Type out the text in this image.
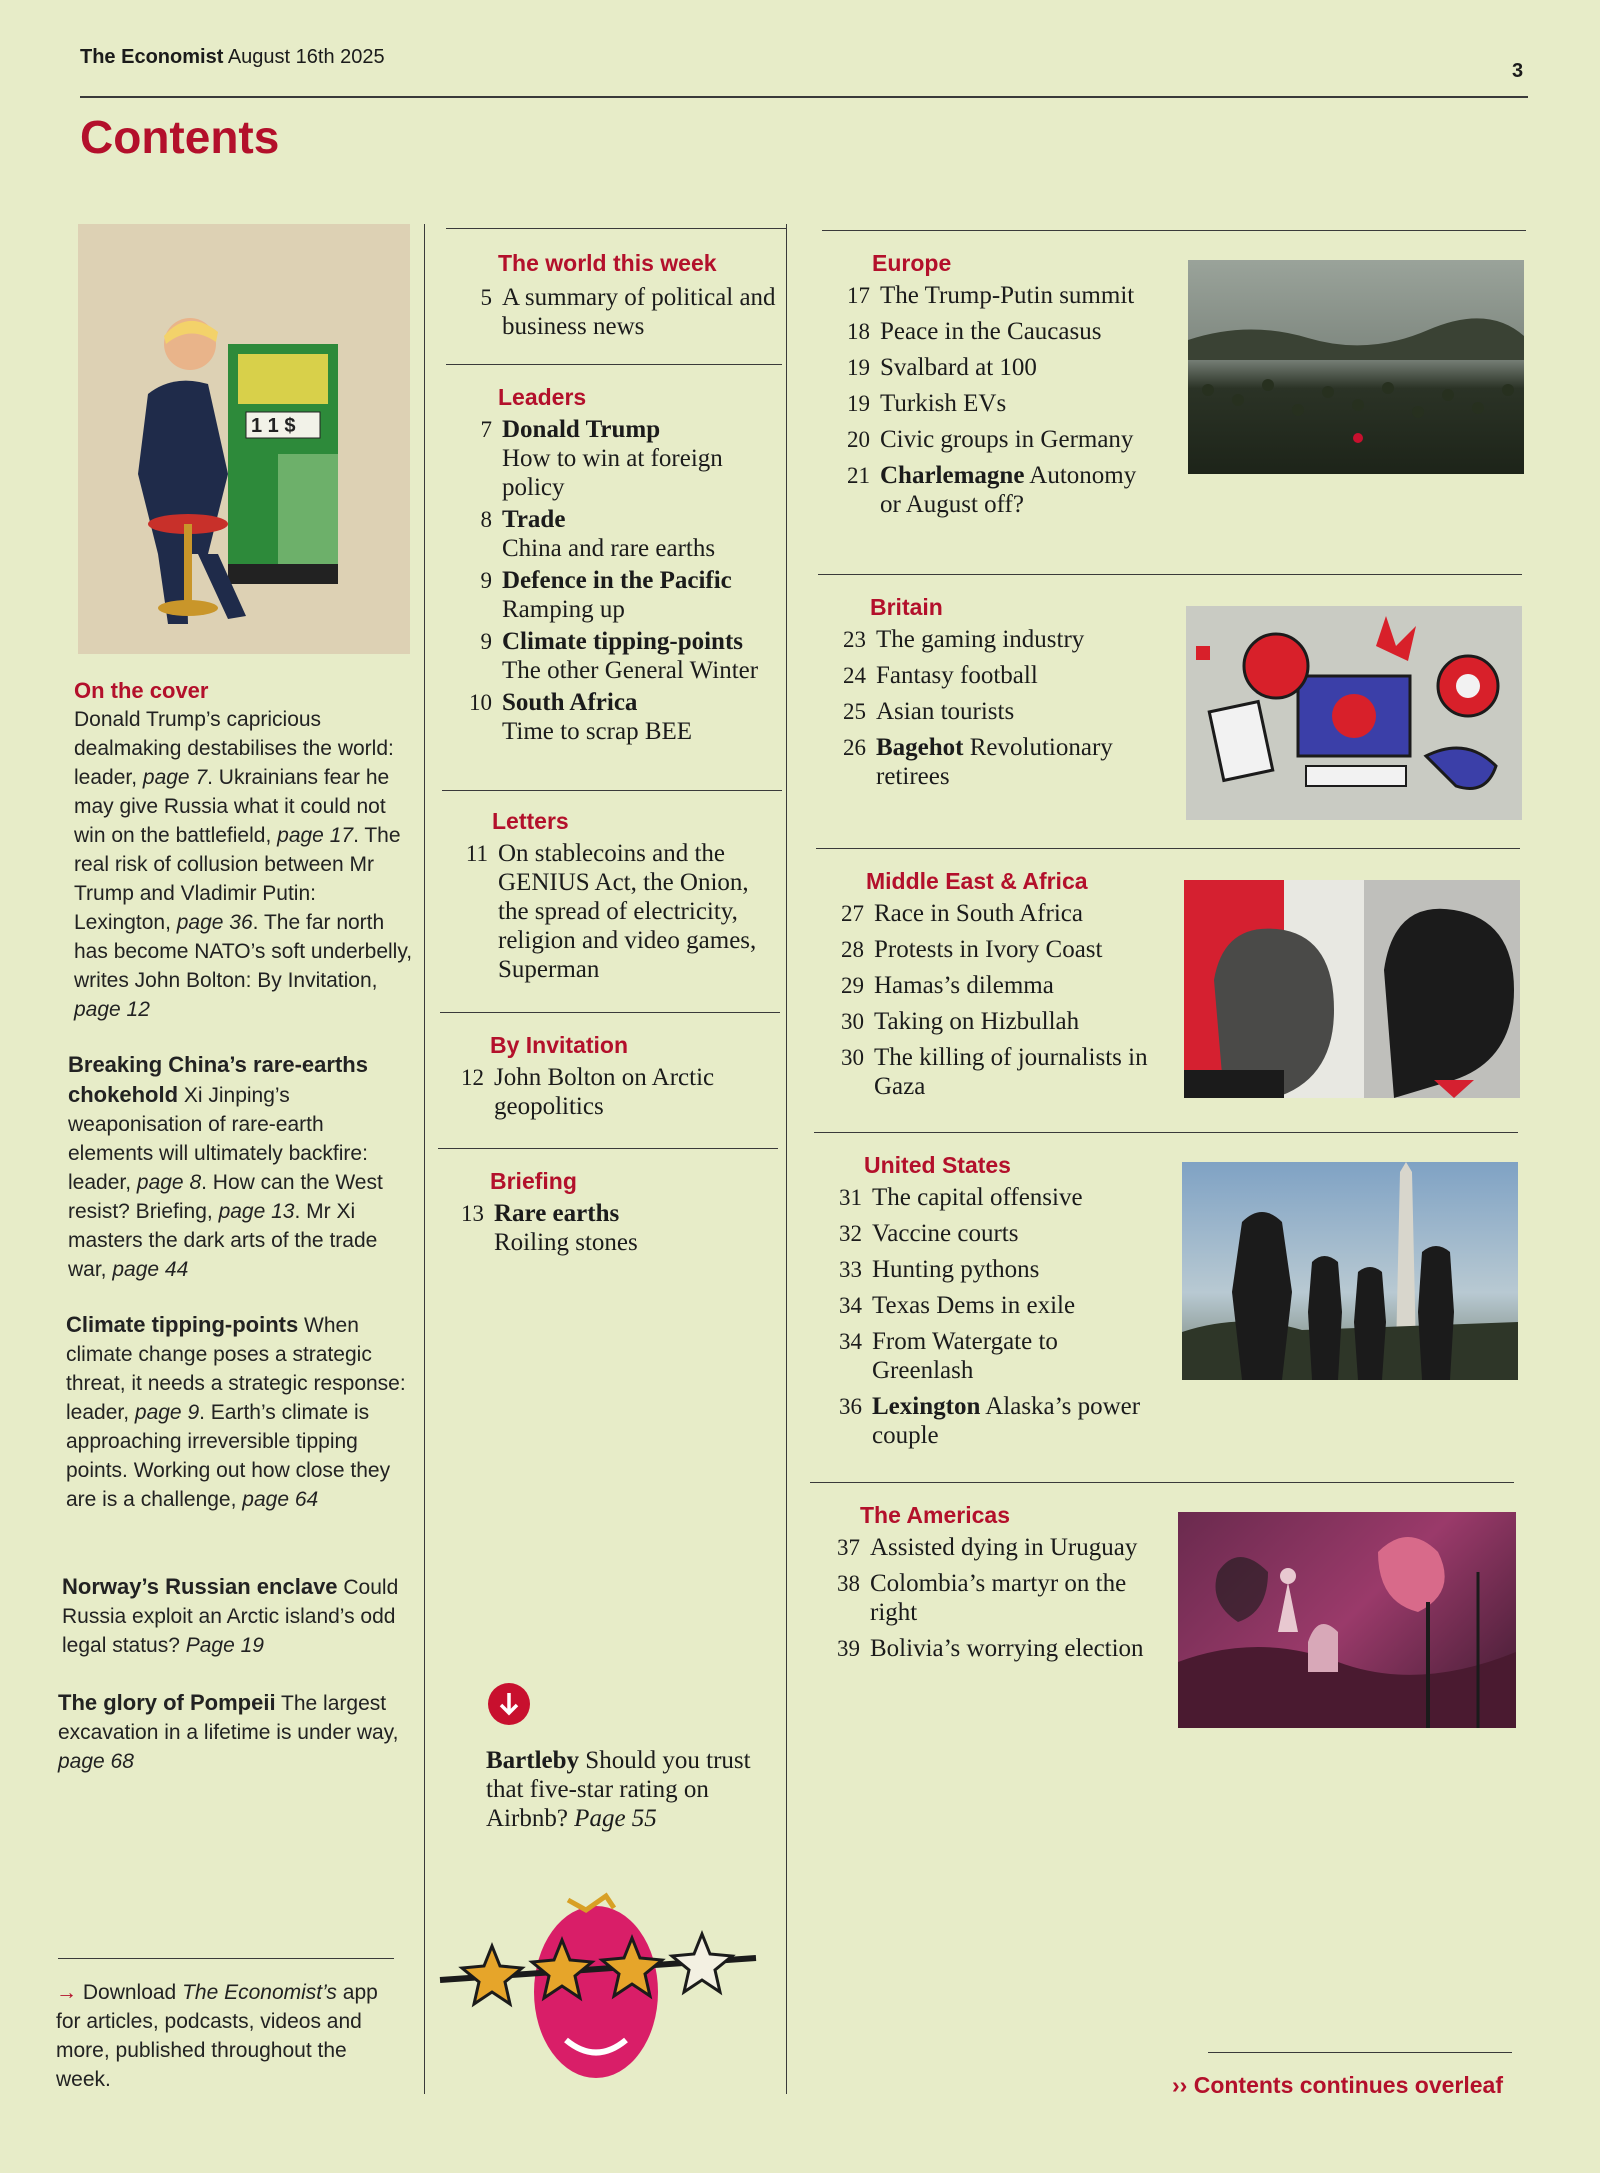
The Economist August 16th 2025
3
Contents
1 1 $
On the cover
Donald Trump’s capricious dealmaking destabilises the world: leader, page 7. Ukrainians fear he may give Russia what it could not win on the battlefield, page 17. The real risk of collusion between Mr Trump and Vladimir Putin: Lexington, page 36. The far north has become NATO’s soft underbelly, writes John Bolton: By Invitation, page 12
Breaking China’s rare-earths chokehold Xi Jinping’s weaponisation of rare-earth elements will ultimately backfire: leader, page 8. How can the West resist? Briefing, page 13. Mr Xi masters the dark arts of the trade war, page 44
Climate tipping-points When climate change poses a strategic threat, it needs a strategic response: leader, page 9. Earth’s climate is approaching irreversible tipping points. Working out how close they are is a challenge, page 64
Norway’s Russian enclave Could Russia exploit an Arctic island’s odd legal status? Page 19
The glory of Pompeii The largest excavation in a lifetime is under way, page 68
→ Download The Economist’s app for articles, podcasts, videos and more, published throughout the week.
The world this week
5 A summary of political and business news
Leaders
7 Donald Trump
How to win at foreign policy
8 Trade
China and rare earths
9 Defence in the Pacific
Ramping up
9 Climate tipping-points
The other General Winter
10 South Africa
Time to scrap BEE
Letters
11 On stablecoins and the GENIUS Act, the Onion, the spread of electricity, religion and video games, Superman
By Invitation
12 John Bolton on Arctic geopolitics
Briefing
13 Rare earths
Roiling stones
Bartleby Should you trust that five-star rating on Airbnb? Page 55
Europe
17 The Trump-Putin summit
18 Peace in the Caucasus
19 Svalbard at 100
19 Turkish EVs
20 Civic groups in Germany
21 Charlemagne Autonomy or August off?
Britain
23 The gaming industry
24 Fantasy football
25 Asian tourists
26 Bagehot Revolutionary retirees
Middle East & Africa
27 Race in South Africa
28 Protests in Ivory Coast
29 Hamas’s dilemma
30 Taking on Hizbullah
30 The killing of journalists in Gaza
United States
31 The capital offensive
32 Vaccine courts
33 Hunting pythons
34 Texas Dems in exile
34 From Watergate to Greenlash
36 Lexington Alaska’s power couple
The Americas
37 Assisted dying in Uruguay
38 Colombia’s martyr on the right
39 Bolivia’s worrying election
›› Contents continues overleaf
